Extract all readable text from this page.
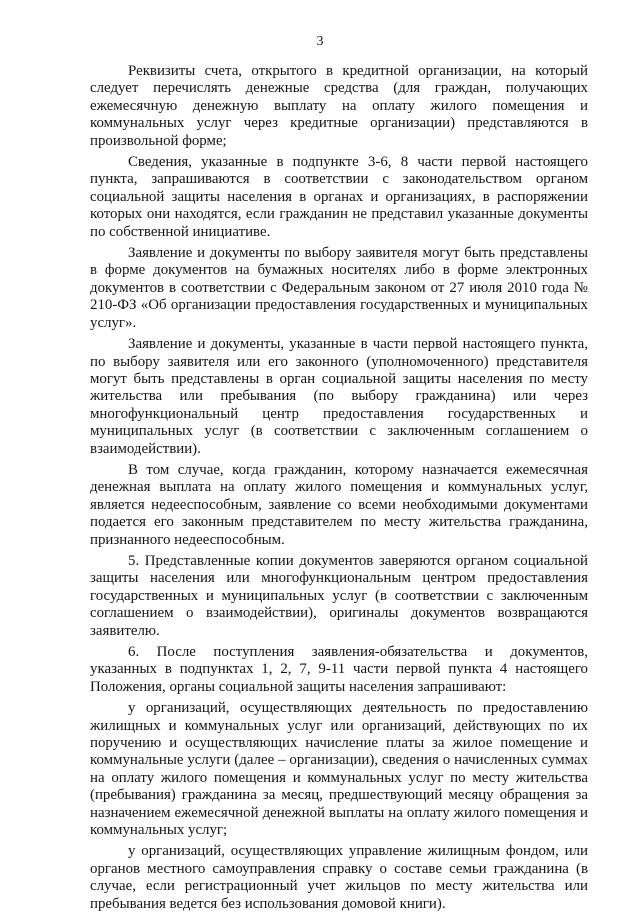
3

Реквизиты счета, открытого в кредитной организации, на который следует перечислять денежные средства (для граждан, получающих ежемесячную денежную выплату на оплату жилого помещения и коммунальных услуг через кредитные организации) представляются в произвольной форме;

Сведения, указанные в подпункте 3-6, 8 части первой настоящего пункта, запрашиваются в соответствии с законодательством органом социальной защиты населения в органах и организациях, в распоряжении которых они находятся, если гражданин не представил указанные документы по собственной инициативе.

Заявление и документы по выбору заявителя могут быть представлены в форме документов на бумажных носителях либо в форме электронных документов в соответствии с Федеральным законом от 27 июля 2010 года № 210-ФЗ «Об организации предоставления государственных и муниципальных услуг».

Заявление и документы, указанные в части первой настоящего пункта, по выбору заявителя или его законного (уполномоченного) представителя могут быть представлены в орган социальной защиты населения по месту жительства или пребывания (по выбору гражданина) или через многофункциональный центр предоставления государственных и муниципальных услуг (в соответствии с заключенным соглашением о взаимодействии).

В том случае, когда гражданин, которому назначается ежемесячная денежная выплата на оплату жилого помещения и коммунальных услуг, является недееспособным, заявление со всеми необходимыми документами подается его законным представителем по месту жительства гражданина, признанного недееспособным.

5. Представленные копии документов заверяются органом социальной защиты населения или многофункциональным центром предоставления государственных и муниципальных услуг (в соответствии с заключенным соглашением о взаимодействии), оригиналы документов возвращаются заявителю.

6. После поступления заявления-обязательства и документов, указанных в подпунктах 1, 2, 7, 9-11 части первой пункта 4 настоящего Положения, органы социальной защиты населения запрашивают:

у организаций, осуществляющих деятельность по предоставлению жилищных и коммунальных услуг или организаций, действующих по их поручению и осуществляющих начисление платы за жилое помещение и коммунальные услуги (далее – организации), сведения о начисленных суммах на оплату жилого помещения и коммунальных услуг по месту жительства (пребывания) гражданина за месяц, предшествующий месяцу обращения за назначением ежемесячной денежной выплаты на оплату жилого помещения и коммунальных услуг;

у организаций, осуществляющих управление жилищным фондом, или органов местного самоуправления справку о составе семьи гражданина (в случае, если регистрационный учет жильцов по месту жительства или пребывания ведется без использования домовой книги).
